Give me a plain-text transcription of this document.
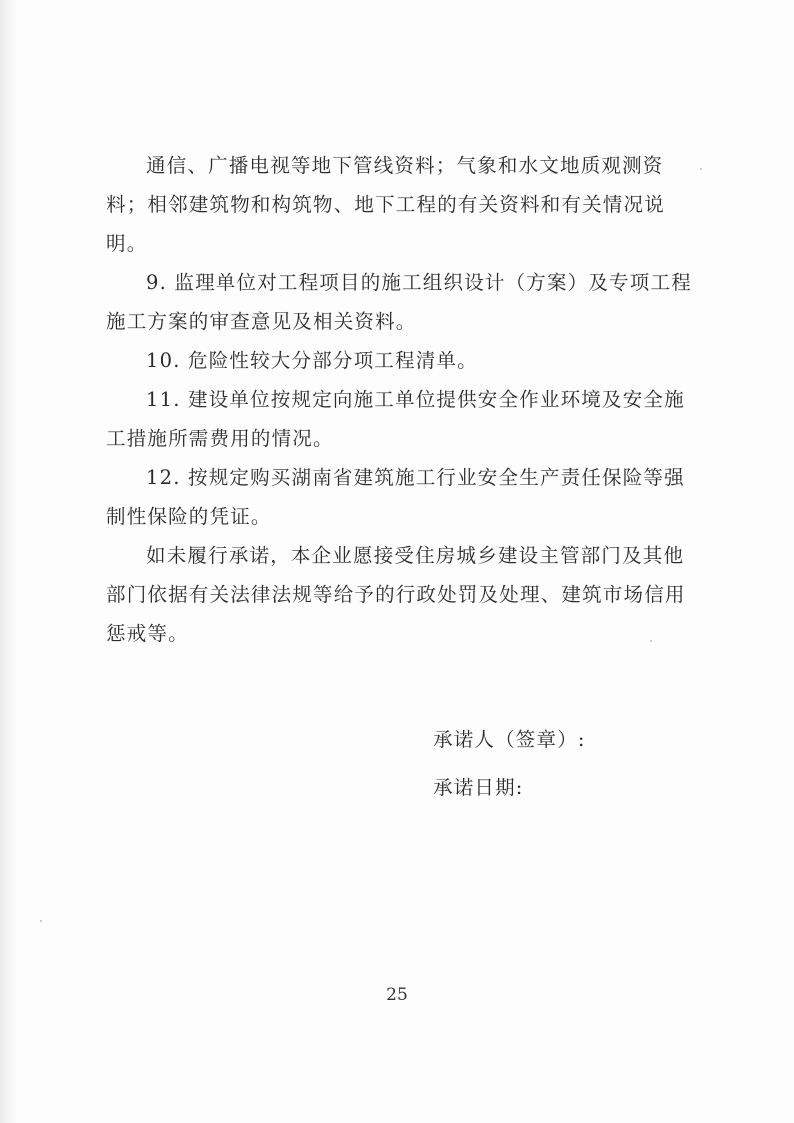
通信、广播电视等地下管线资料；气象和水文地质观测资料；相邻建筑物和构筑物、地下工程的有关资料和有关情况说明。

9. 监理单位对工程项目的施工组织设计（方案）及专项工程施工方案的审查意见及相关资料。

10. 危险性较大分部分项工程清单。

11. 建设单位按规定向施工单位提供安全作业环境及安全施工措施所需费用的情况。

12. 按规定购买湖南省建筑施工行业安全生产责任保险等强制性保险的凭证。

如未履行承诺，本企业愿接受住房城乡建设主管部门及其他部门依据有关法律法规等给予的行政处罚及处理、建筑市场信用惩戒等。

承诺人（签章）:
承诺日期:
25
